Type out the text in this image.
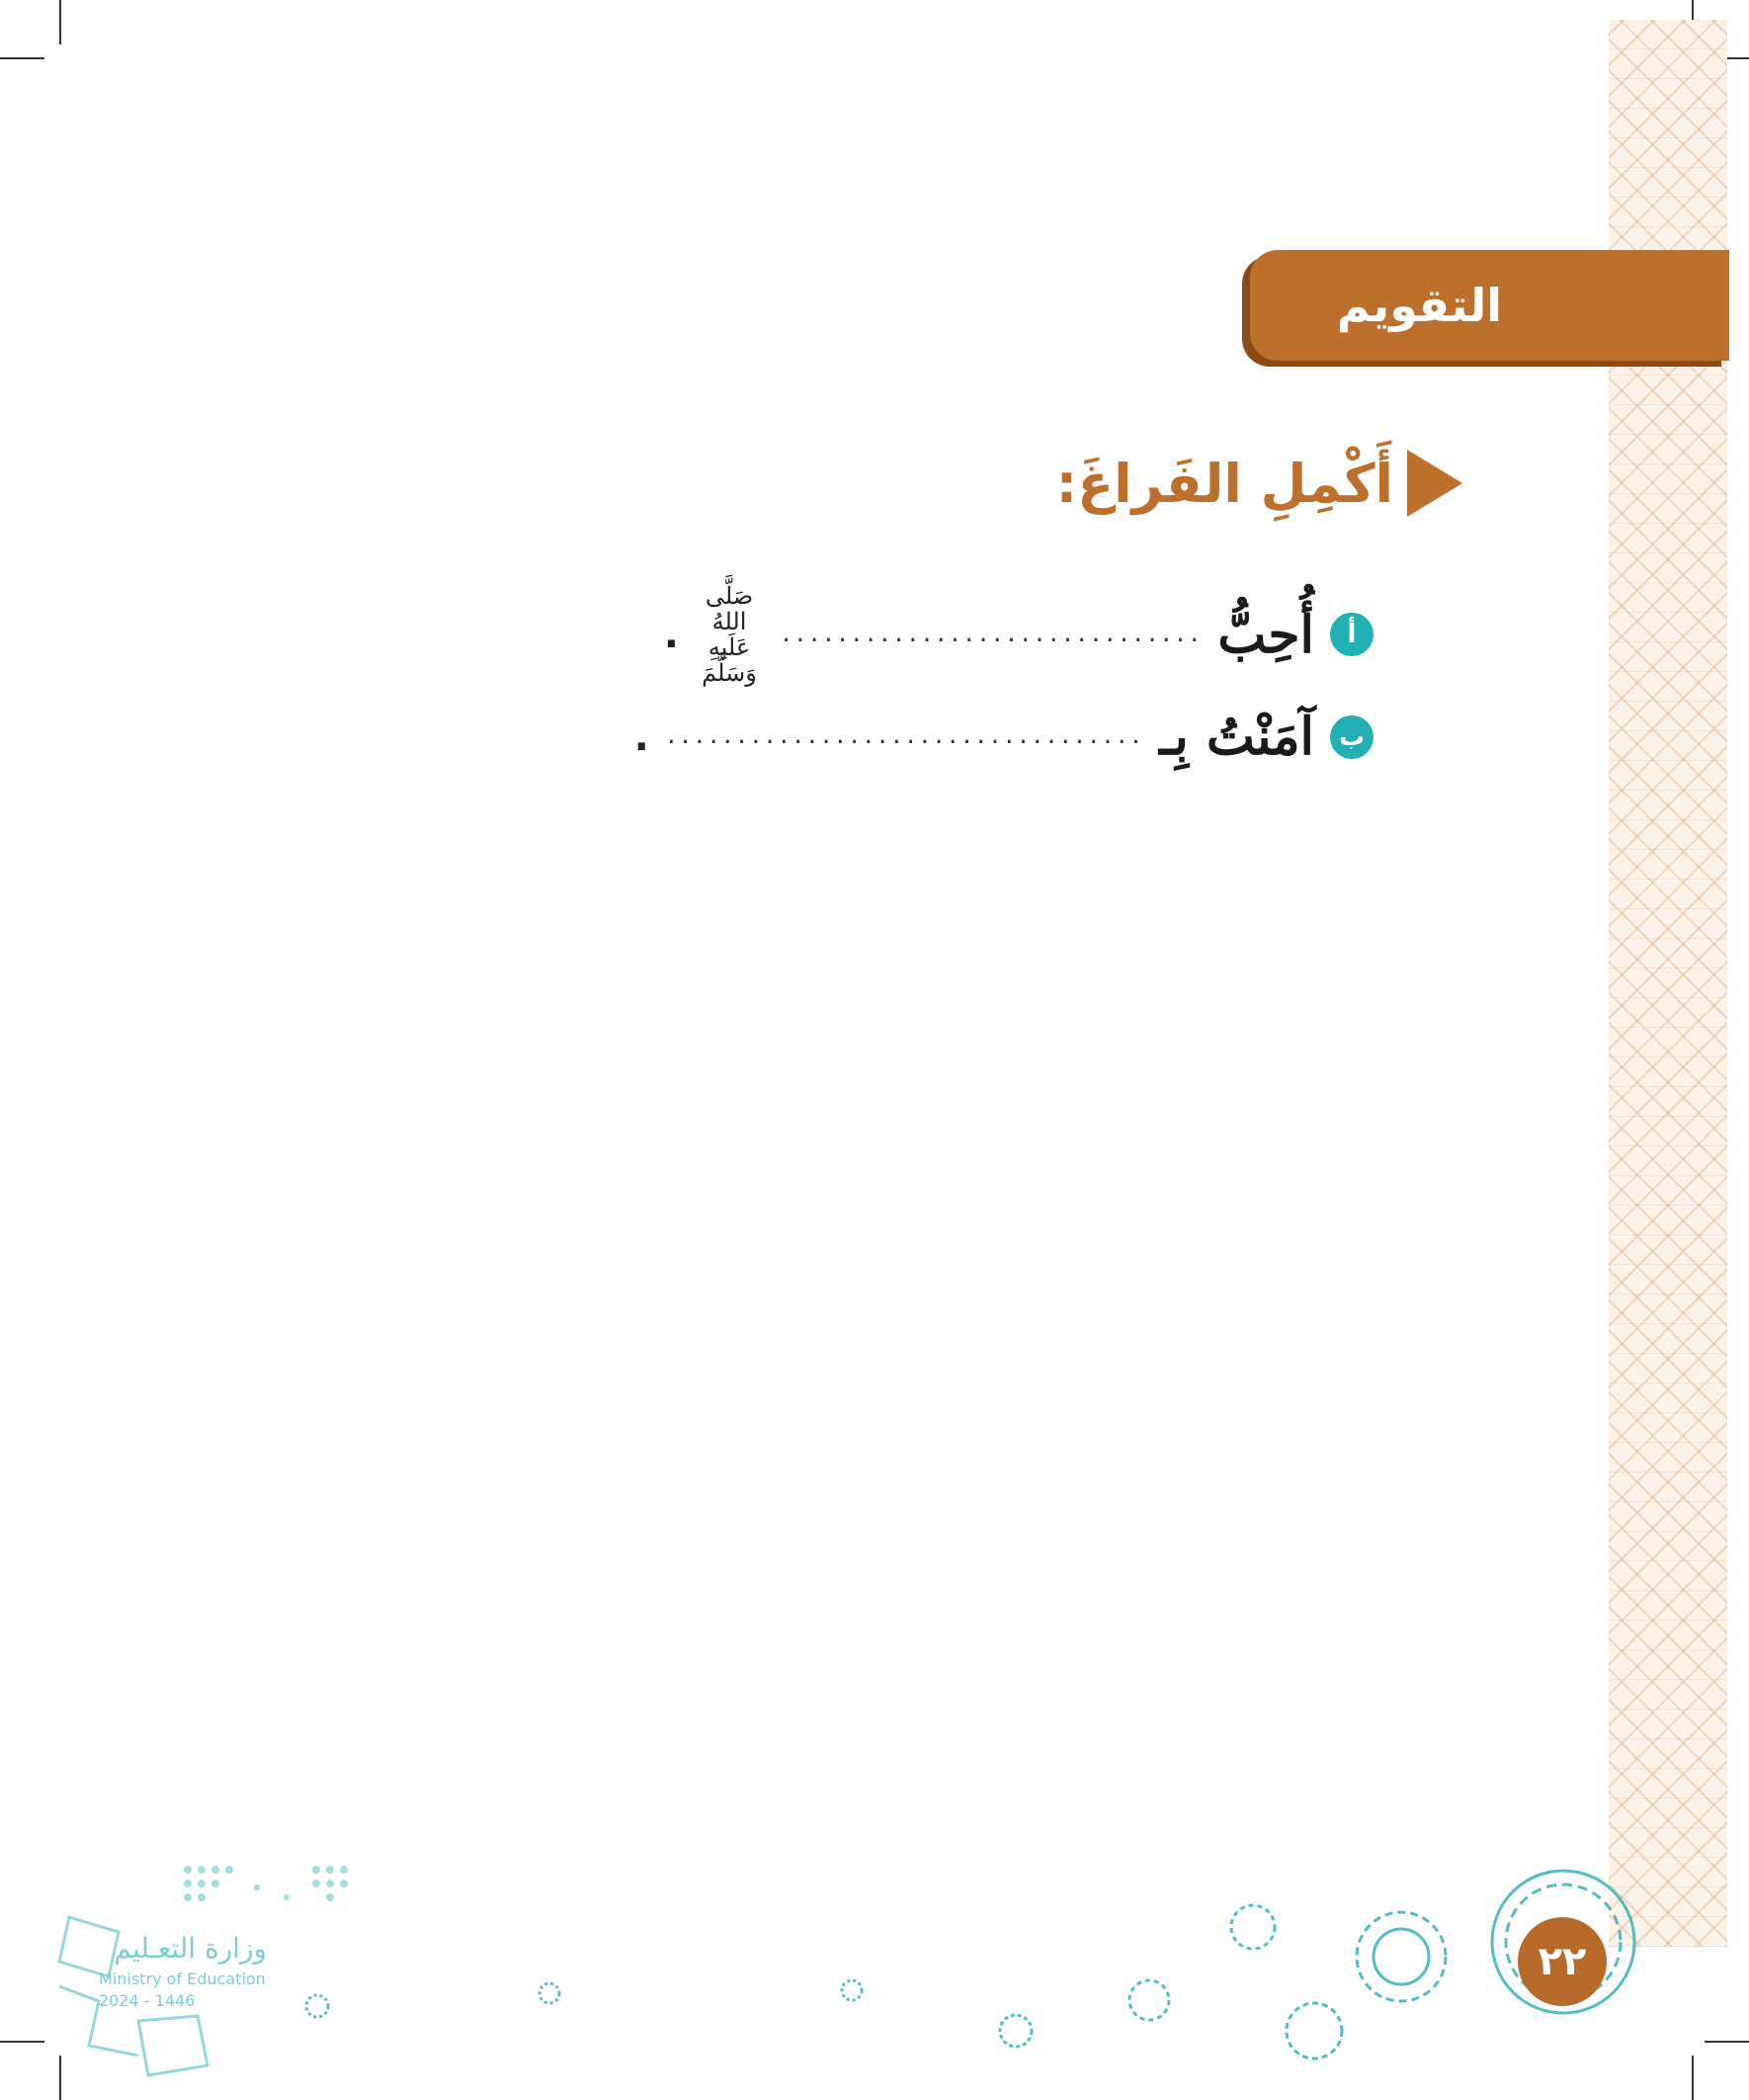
التقويم
أَكْمِلِ الفَراغَ:
أ
أُحِبُّ
..............................
صَلَّى اللهُ عَلَيهِ وَسَلَّمَ
.
ب
آمَنْتُ بِـ
..................................
.
وزارة التعـليم
Ministry of Education
2024 - 1446
٢٢
